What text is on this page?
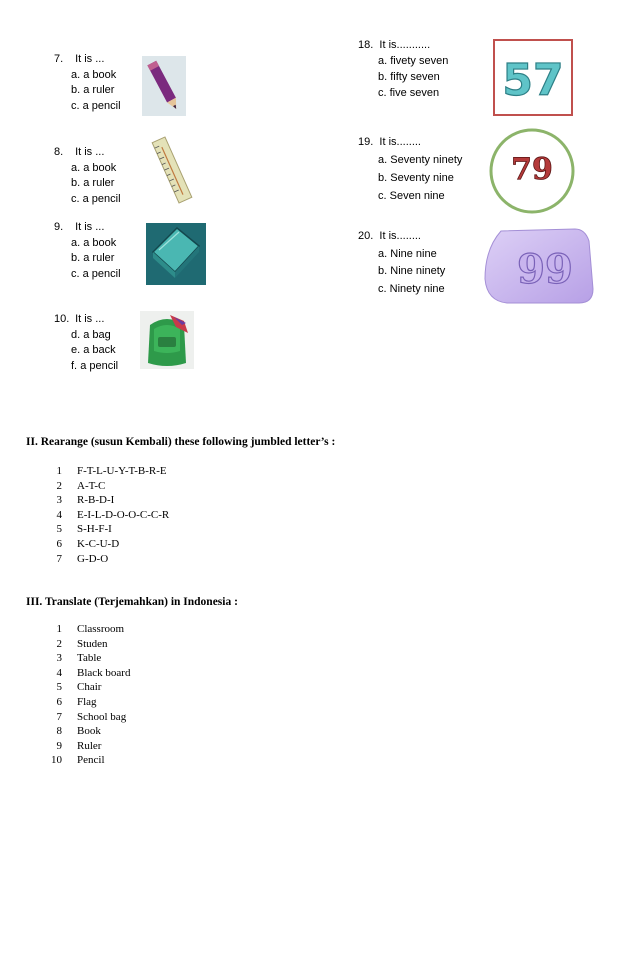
7. It is ...
a. a book
b. a ruler
c. a pencil
8. It is ...
a. a book
b. a ruler
c. a pencil
9. It is ...
a. a book
b. a ruler
c. a pencil
10. It is ...
d. a bag
e. a back
f. a pencil
18. It is...........
a. fivety seven
b. fifty seven
c. five seven
19. It is........
a. Seventy ninety
b. Seventy nine
c. Seven nine
20. It is........
a. Nine nine
b. Nine ninety
c. Ninety nine
57
79
99
II. Rearange (susun Kembali) these following jumbled letter’s :
1 F-T-L-U-Y-T-B-R-E
2 A-T-C
3 R-B-D-I
4 E-I-L-D-O-O-C-C-R
5 S-H-F-I
6 K-C-U-D
7 G-D-O
III. Translate (Terjemahkan) in Indonesia :
1 Classroom
2 Studen
3 Table
4 Black board
5 Chair
6 Flag
7 School bag
8 Book
9 Ruler
10 Pencil
